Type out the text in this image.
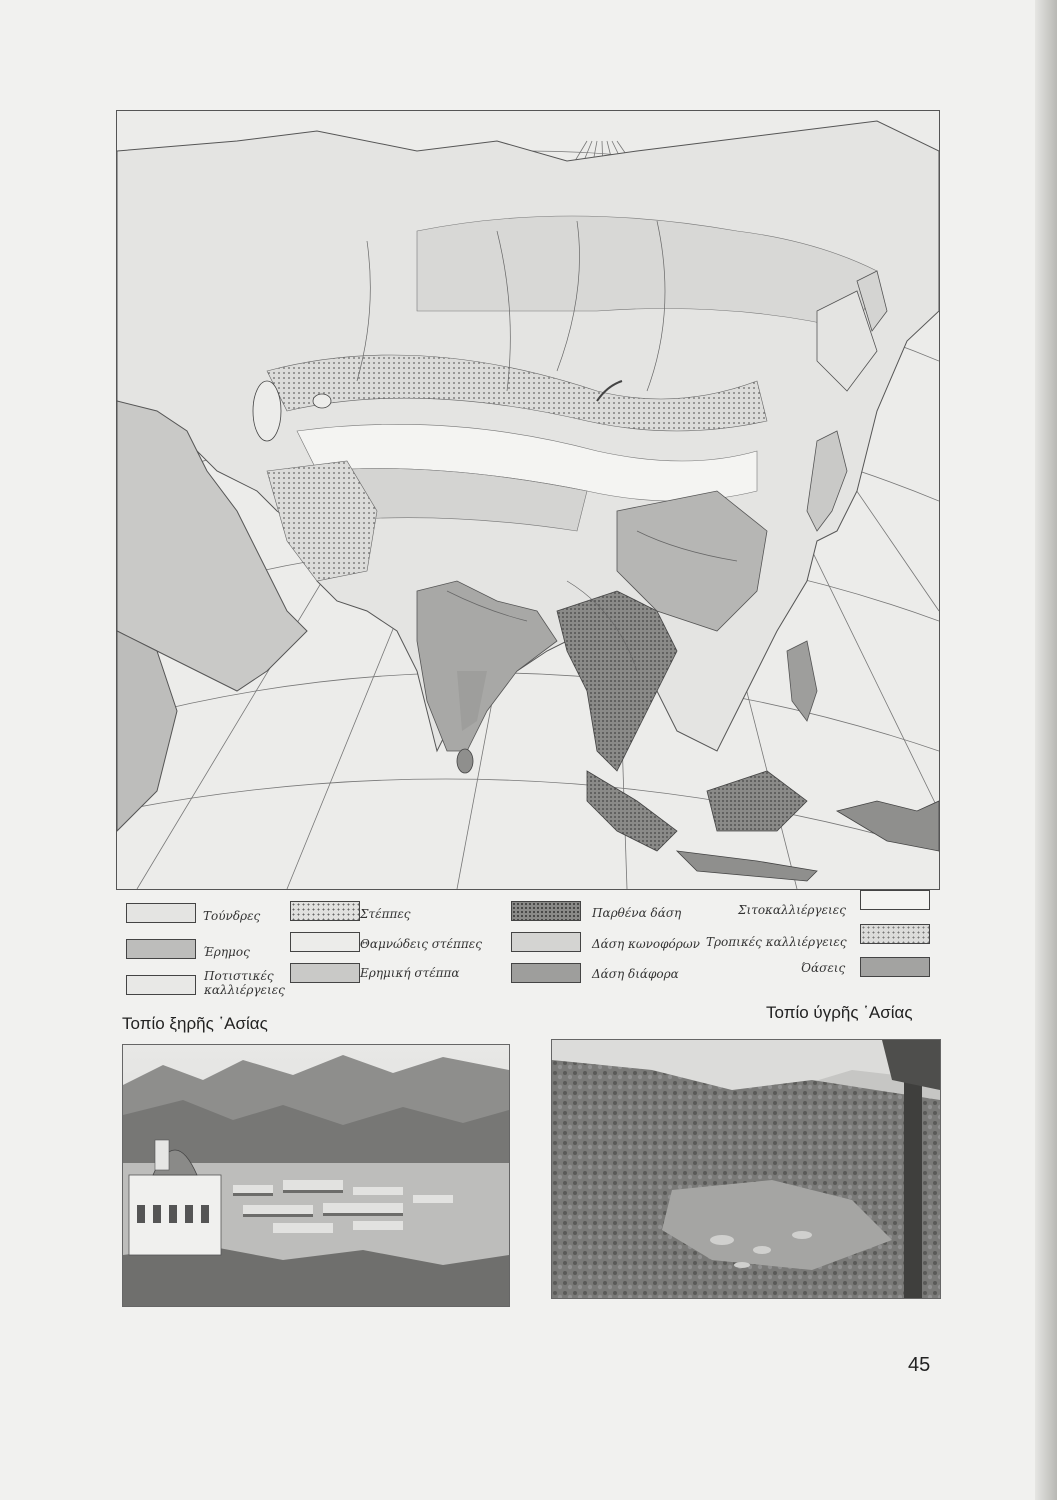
Τούνδρες
Έρημος
Ποτιστικές καλλιέργειες
Στέππες
Θαμνώδεις στέππες
Ερημική στέππα
Παρθένα δάση
Δάση κωνοφόρων
Δάση διάφορα
Σιτοκαλλιέργειες
Τροπικές καλλιέργειες
Όάσεις
Τοπίο ξηρῆς ῾Ασίας
Τοπίο ύγρῆς ῾Ασίας
45
